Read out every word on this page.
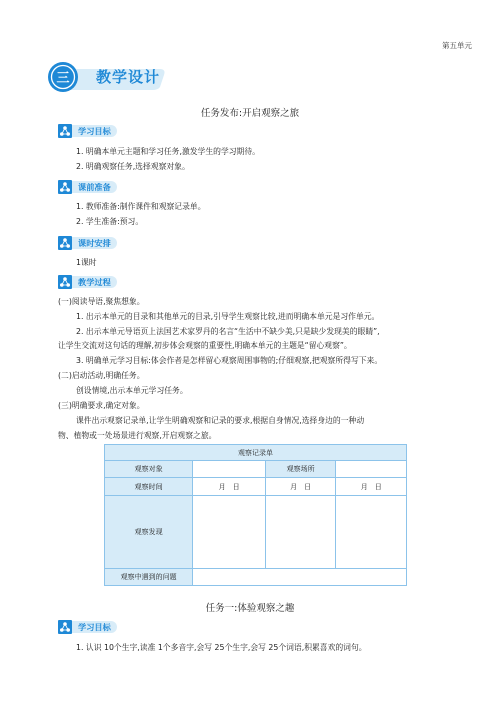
第五单元
三 教学设计
任务发布:开启观察之旅
学习目标
1. 明确本单元主题和学习任务,激发学生的学习期待。
2. 明确观察任务,选择观察对象。
课前准备
1. 教师准备:制作课件和观察记录单。
2. 学生准备:预习。
课时安排
1课时
教学过程
(一)阅读导语,聚焦想象。
1. 出示本单元的目录和其他单元的目录,引导学生观察比较,进而明确本单元是习作单元。
2. 出示本单元导语页上法国艺术家罗丹的名言“生活中不缺少美,只是缺少发现美的眼睛”,
让学生交流对这句话的理解,初步体会观察的重要性,明确本单元的主题是“留心观察”。
3. 明确单元学习目标:体会作者是怎样留心观察周围事物的;仔细观察,把观察所得写下来。
(二)启动活动,明确任务。
创设情境,出示本单元学习任务。
(三)明确要求,确定对象。
课件出示观察记录单,让学生明确观察和记录的要求,根据自身情况,选择身边的一种动
物、植物或一处场景进行观察,开启观察之旅。
观察记录单			
观察对象		观察场所	
观察时间	月　日	月　日	月　日
观察发现			
观察中遇到的问题			
任务一:体验观察之趣
学习目标
1. 认识 10个生字,读准 1个多音字,会写 25个生字,会写 25个词语,积累喜欢的词句。
